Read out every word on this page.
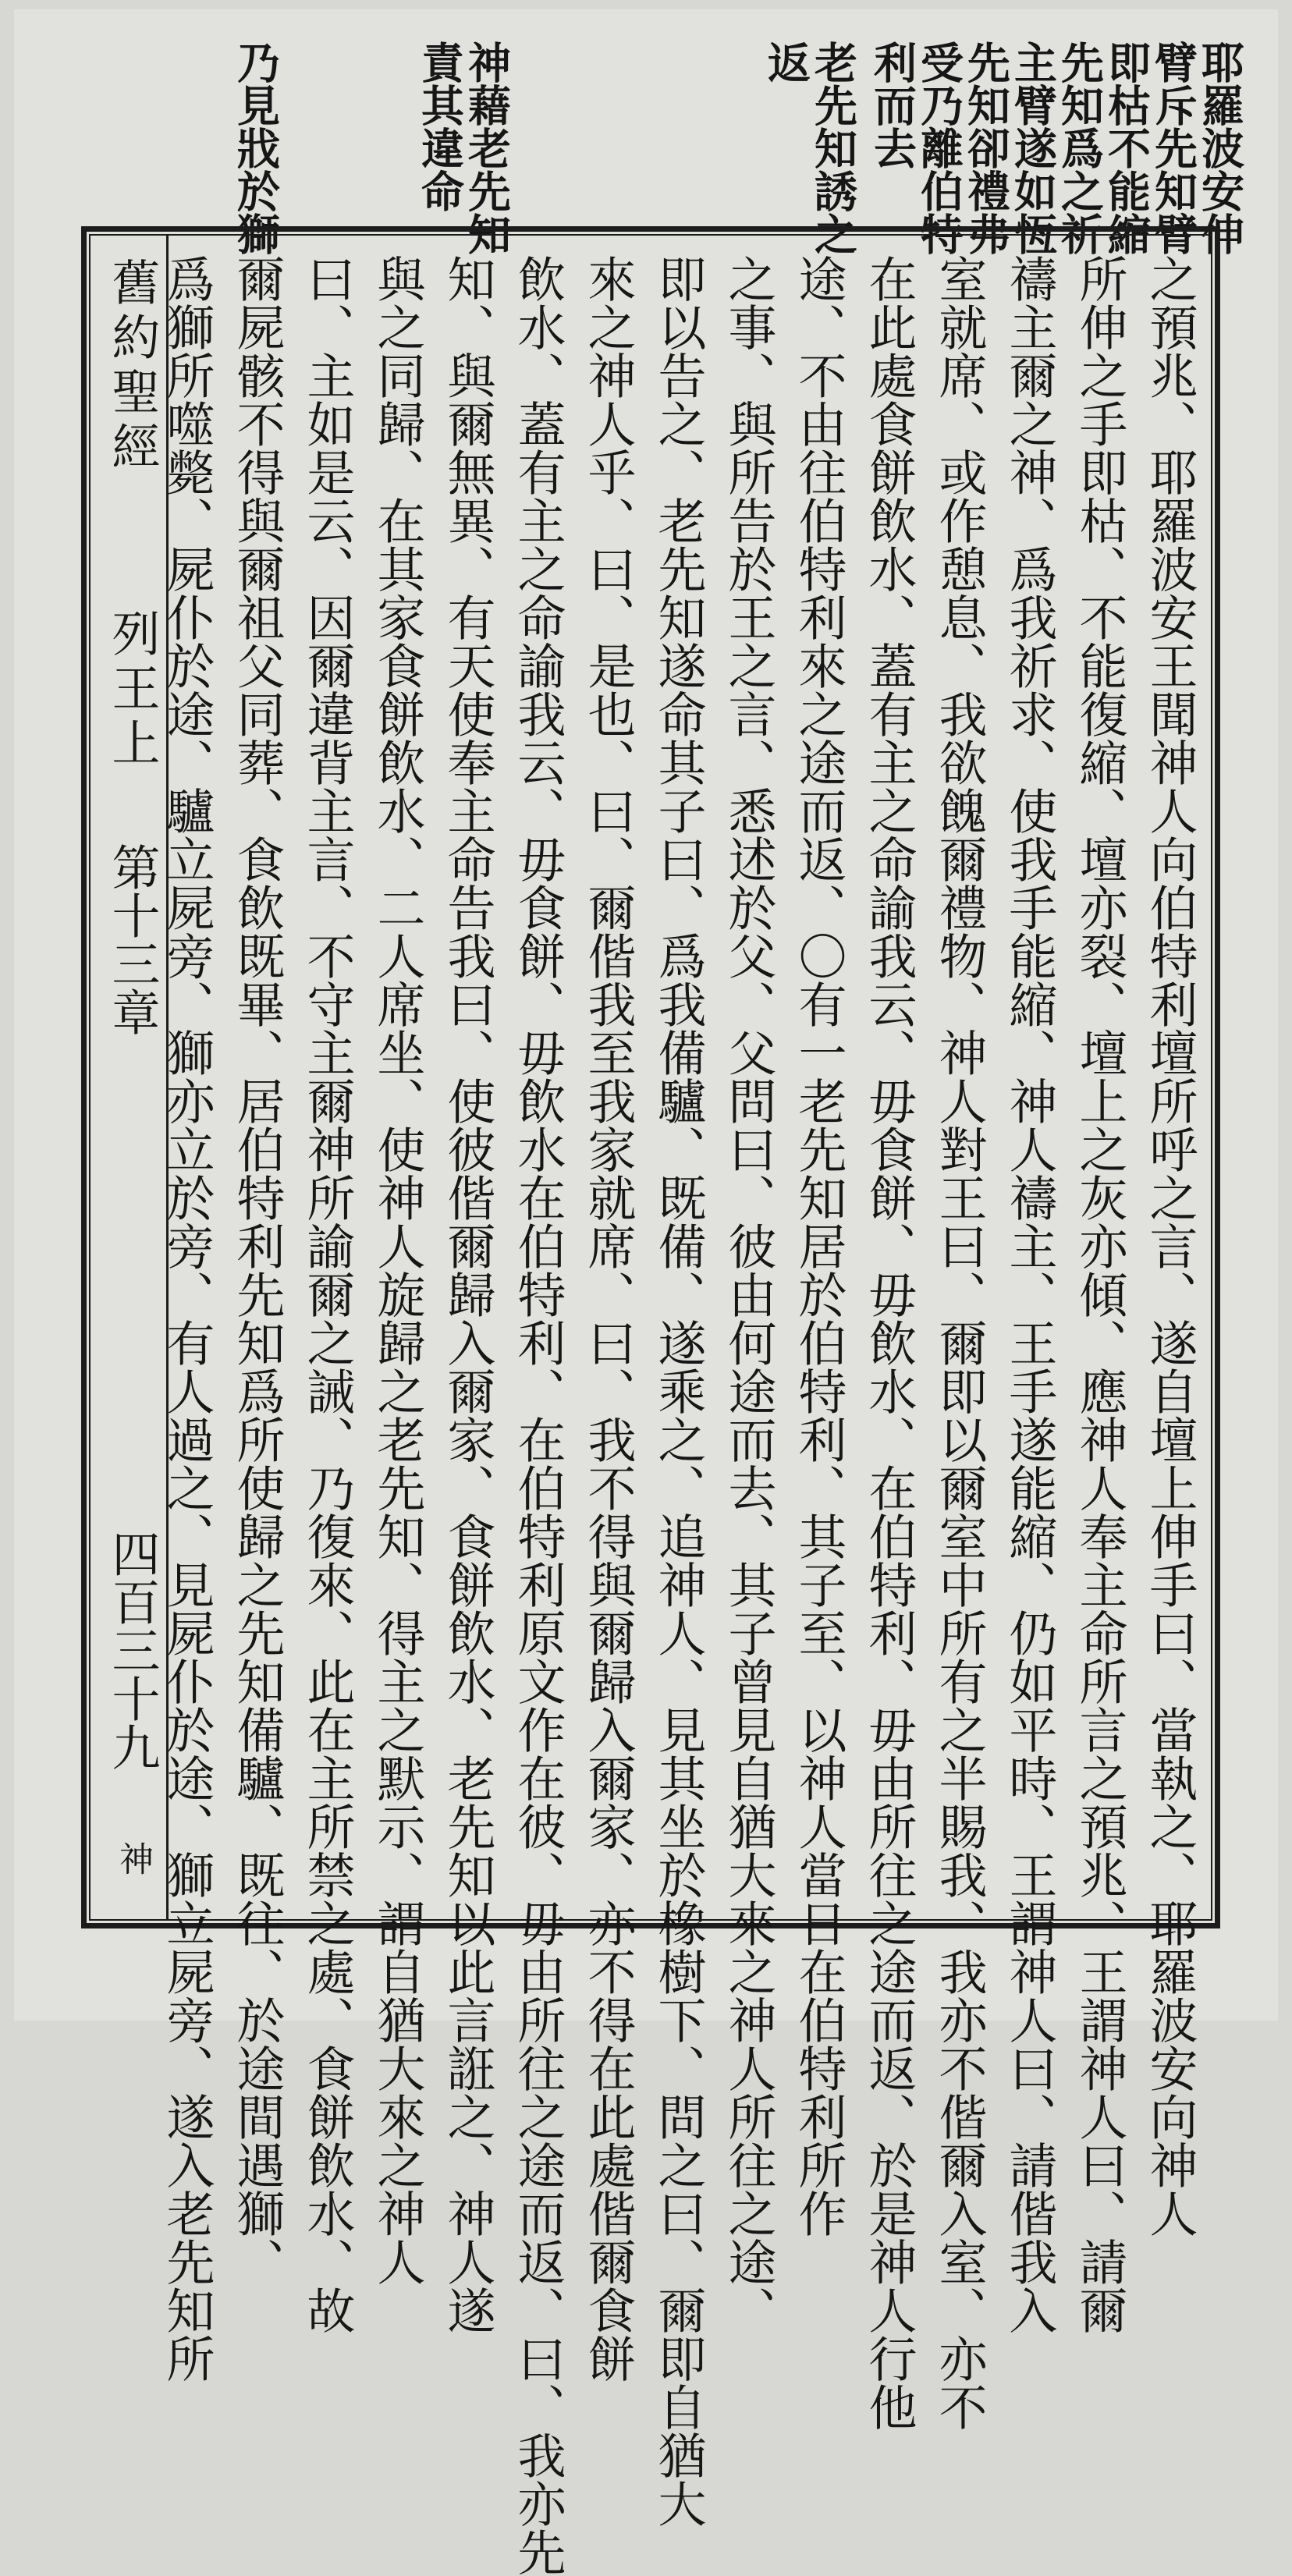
耶羅波安伸
臂斥先知臂
即枯不能縮
先知爲之祈
主臂遂如恆
先知卻禮弗
受乃離伯特
利而去
老先知誘之
返
神藉老先知
責其違命
乃見戕於獅
舊約聖經
列王上
第十三章
四百三十九
神	之預兆、耶羅波安王聞神人向伯特利壇所呼之言、遂自壇上伸手曰、當執之、耶羅波安向神人
所伸之手即枯、不能復縮、壇亦裂、壇上之灰亦傾、應神人奉主命所言之預兆、王謂神人曰、請爾
禱主爾之神、爲我祈求、使我手能縮、神人禱主、王手遂能縮、仍如平時、王謂神人曰、請偕我入
室就席、或作憩息、我欲餽爾禮物、神人對王曰、爾即以爾室中所有之半賜我、我亦不偕爾入室、亦不
在此處食餅飲水、蓋有主之命諭我云、毋食餅、毋飲水、在伯特利、毋由所往之途而返、於是神人行他
途、不由往伯特利來之途而返、〇有一老先知居於伯特利、其子至、以神人當日在伯特利所作
之事、與所告於王之言、悉述於父、父問曰、彼由何途而去、其子曾見自猶大來之神人所往之途、
即以告之、老先知遂命其子曰、爲我備驢、既備、遂乘之、追神人、見其坐於橡樹下、問之曰、爾即自猶大
來之神人乎、曰、是也、曰、爾偕我至我家就席、曰、我不得與爾歸入爾家、亦不得在此處偕爾食餅
飲水、蓋有主之命諭我云、毋食餅、毋飲水在伯特利、在伯特利原文作在彼、毋由所往之途而返、曰、我亦先
知、與爾無異、有天使奉主命告我曰、使彼偕爾歸入爾家、食餅飲水、老先知以此言誑之、神人遂
與之同歸、在其家食餅飲水、二人席坐、使神人旋歸之老先知、得主之默示、謂自猶大來之神人
曰、主如是云、因爾違背主言、不守主爾神所諭爾之誡、乃復來、此在主所禁之處、食餅飲水、故
爾屍骸不得與爾祖父同葬、食飲既畢、居伯特利先知爲所使歸之先知備驢、既往、於途間遇獅、
爲獅所噬斃、屍仆於途、驢立屍旁、獅亦立於旁、有人過之、見屍仆於途、獅立屍旁、遂入老先知所
